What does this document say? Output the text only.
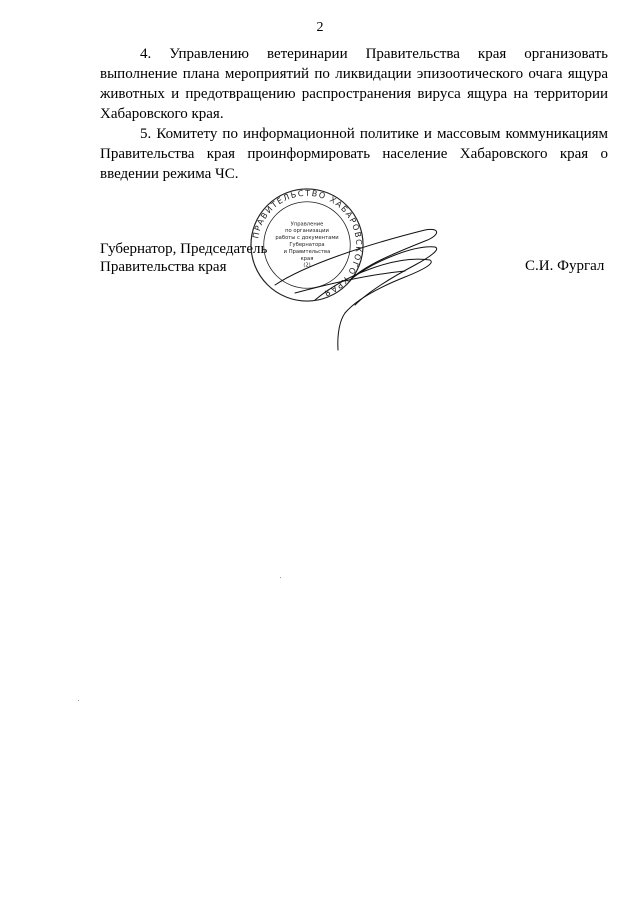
2

4. Управлению ветеринарии Правительства края организовать выполнение плана мероприятий по ликвидации эпизоотического очага ящура животных и предотвращению распространения вируса ящура на территории Хабаровского края.

5. Комитету по информационной политике и массовым коммуникациям Правительства края проинформировать население Хабаровского края о введении режима ЧС.

Губернатор, Председатель
Правительства края
ПРАВИТЕЛЬСТВО ХАБАРОВСКОГО КРАЯ
Управление
по организации
работы с документами
Губернатора
и Правительства
края
(2)	С.И. Фургал
